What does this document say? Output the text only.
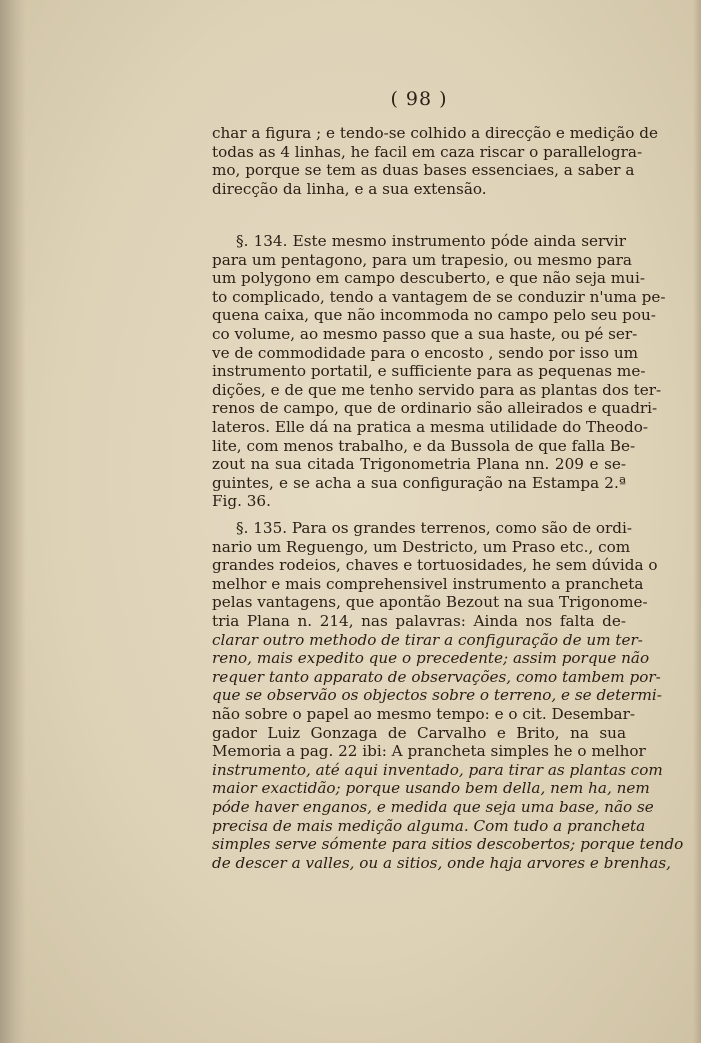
( 98 )
char a figura ; e tendo-se colhido a direcção e medição de
todas as 4 linhas, he facil em caza riscar o parallelogra-
mo, porque se tem as duas bases essenciaes, a saber a
direcção da linha, e a sua extensão.
§. 134. Este mesmo instrumento póde ainda servir
para um pentagono, para um trapesio, ou mesmo para
um polygono em campo descuberto, e que não seja mui-
to complicado, tendo a vantagem de se conduzir n'uma pe-
quena caixa, que não incommoda no campo pelo seu pou-
co volume, ao mesmo passo que a sua haste, ou pé ser-
ve de commodidade para o encosto , sendo por isso um
instrumento portatil, e sufficiente para as pequenas me-
dições, e de que me tenho servido para as plantas dos ter-
renos de campo, que de ordinario são alleirados e quadri-
lateros. Elle dá na pratica a mesma utilidade do Theodo-
lite, com menos trabalho, e da Bussola de que falla Be-
zout na sua citada Trigonometria Plana nn. 209 e se-
guintes, e se acha a sua configuração na Estampa 2.ª
Fig. 36.
§. 135. Para os grandes terrenos, como são de ordi-
nario um Reguengo, um Destricto, um Praso etc., com
grandes rodeios, chaves e tortuosidades, he sem dúvida o
melhor e mais comprehensivel instrumento a prancheta
pelas vantagens, que apontão Bezout na sua Trigonome-
tria Plana n. 214, nas palavras: Ainda nos falta de-
clarar outro methodo de tirar a configuração de um ter-
reno, mais expedito que o precedente; assim porque não
requer tanto apparato de observações, como tambem por-
que se observão os objectos sobre o terreno, e se determi-
não sobre o papel ao mesmo tempo: e o cit. Desembar-
gador Luiz Gonzaga de Carvalho e Brito, na sua
Memoria a pag. 22 ibi: A prancheta simples he o melhor
instrumento, até aqui inventado, para tirar as plantas com
maior exactidão; porque usando bem della, nem ha, nem
póde haver enganos, e medida que seja uma base, não se
precisa de mais medição alguma. Com tudo a prancheta
simples serve sómente para sitios descobertos; porque tendo
de descer a valles, ou a sitios, onde haja arvores e brenhas,
